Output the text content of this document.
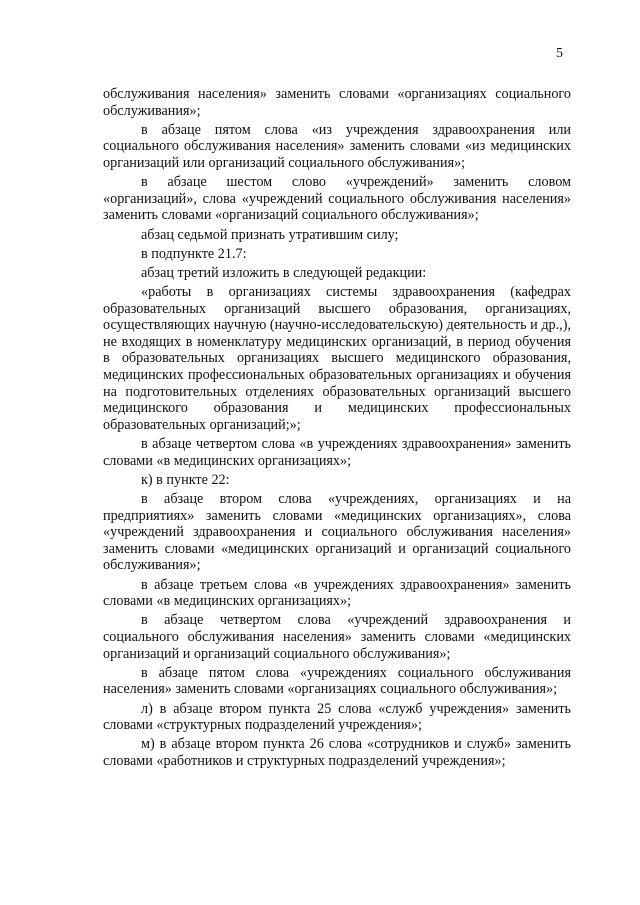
5

обслуживания населения» заменить словами «организациях социального обслуживания»;

в абзаце пятом слова «из учреждения здравоохранения или социального обслуживания населения» заменить словами «из медицинских организаций или организаций социального обслуживания»;

в абзаце шестом слово «учреждений» заменить словом «организаций», слова «учреждений социального обслуживания населения» заменить словами «организаций социального обслуживания»;

абзац седьмой признать утратившим силу;

в подпункте 21.7:

абзац третий изложить в следующей редакции:

«работы в организациях системы здравоохранения (кафедрах образовательных организаций высшего образования, организациях, осуществляющих научную (научно-исследовательскую) деятельность и др.,), не входящих в номенклатуру медицинских организаций, в период обучения в образовательных организациях высшего медицинского образования, медицинских профессиональных образовательных организациях и обучения на подготовительных отделениях образовательных организаций высшего медицинского образования и медицинских профессиональных образовательных организаций;»;

в абзаце четвертом слова «в учреждениях здравоохранения» заменить словами «в медицинских организациях»;

к) в пункте 22:

в абзаце втором слова «учреждениях, организациях и на предприятиях» заменить словами «медицинских организациях», слова «учреждений здравоохранения и социального обслуживания населения» заменить словами «медицинских организаций и организаций социального обслуживания»;

в абзаце третьем слова «в учреждениях здравоохранения» заменить словами «в медицинских организациях»;

в абзаце четвертом слова «учреждений здравоохранения и социального обслуживания населения» заменить словами «медицинских организаций и организаций социального обслуживания»;

в абзаце пятом слова «учреждениях социального обслуживания населения» заменить словами «организациях социального обслуживания»;

л) в абзаце втором пункта 25 слова «служб учреждения» заменить словами «структурных подразделений учреждения»;

м) в абзаце втором пункта 26 слова «сотрудников и служб» заменить словами «работников и структурных подразделений учреждения»;
